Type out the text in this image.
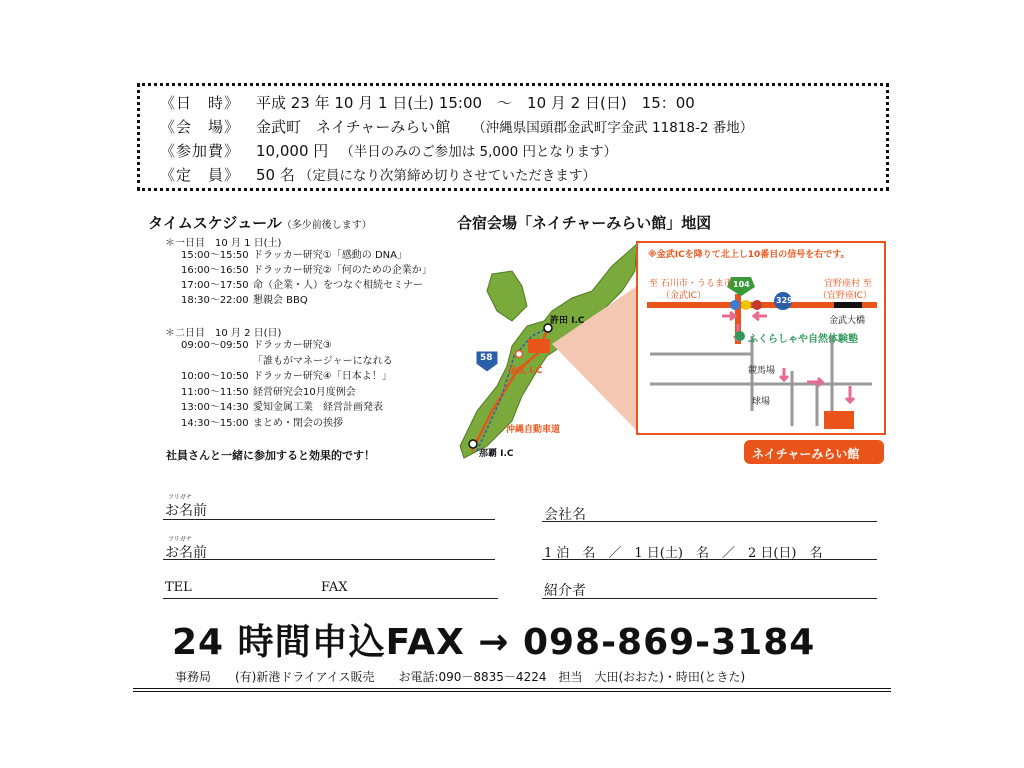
《日　時》	平成 23 年 10 月 1 日(土) 15:00　～　10 月 2 日(日)　15：00
《会　場》	金武町　ネイチャーみらい館 （沖縄県国頭郡金武町字金武 11818-2 番地）
《参加費》	10,000 円 （半日のみのご参加は 5,000 円となります）
《定　員》	50 名 （定員になり次第締め切りさせていただきます）
タイムスケジュール（多少前後します）
＊一日目　10 月 1 日(土)
15:00～15:50 ドラッカー研究①「感動の DNA」
16:00～16:50 ドラッカー研究②「何のための企業か」
17:00～17:50 命（企業・人）をつなぐ相続セミナー
18:30～22:00 懇親会 BBQ
＊二日目　10 月 2 日(日)
09:00～09:50 ドラッカー研究③
「誰もがマネージャーになれる
10:00～10:50 ドラッカー研究④「日本よ！」
11:00～11:50 経営研究会10月度例会
13:00～14:30 愛知金属工業　経営計画発表
14:30～15:00 まとめ・閉会の挨拶
社員さんと一緒に参加すると効果的です！
合宿会場「ネイチャーみらい館」地図
※金武ICを降りて北上し10番目の信号を右です。
許田 I.C
金武 I.C
沖縄自動車道
那覇 I.C
58
至 石川市・うるま市
（金武IC）
宜野座村 至
（宜野座IC）
104
329
金武大橋
ふくらしゃや自然体験塾
競馬場
球場
ネイチャーみらい館
フリガナ
お名前	会社名
フリガナ
お名前	1 泊　名　／　1 日(土)　名　／　2 日(日)　名
TEL	FAX	紹介者
24 時間申込FAX → 098-869-3184
事務局　　(有)新港ドライアイス販売　　お電話:090－8835－4224　担当　大田(おおた)・時田(ときた)
